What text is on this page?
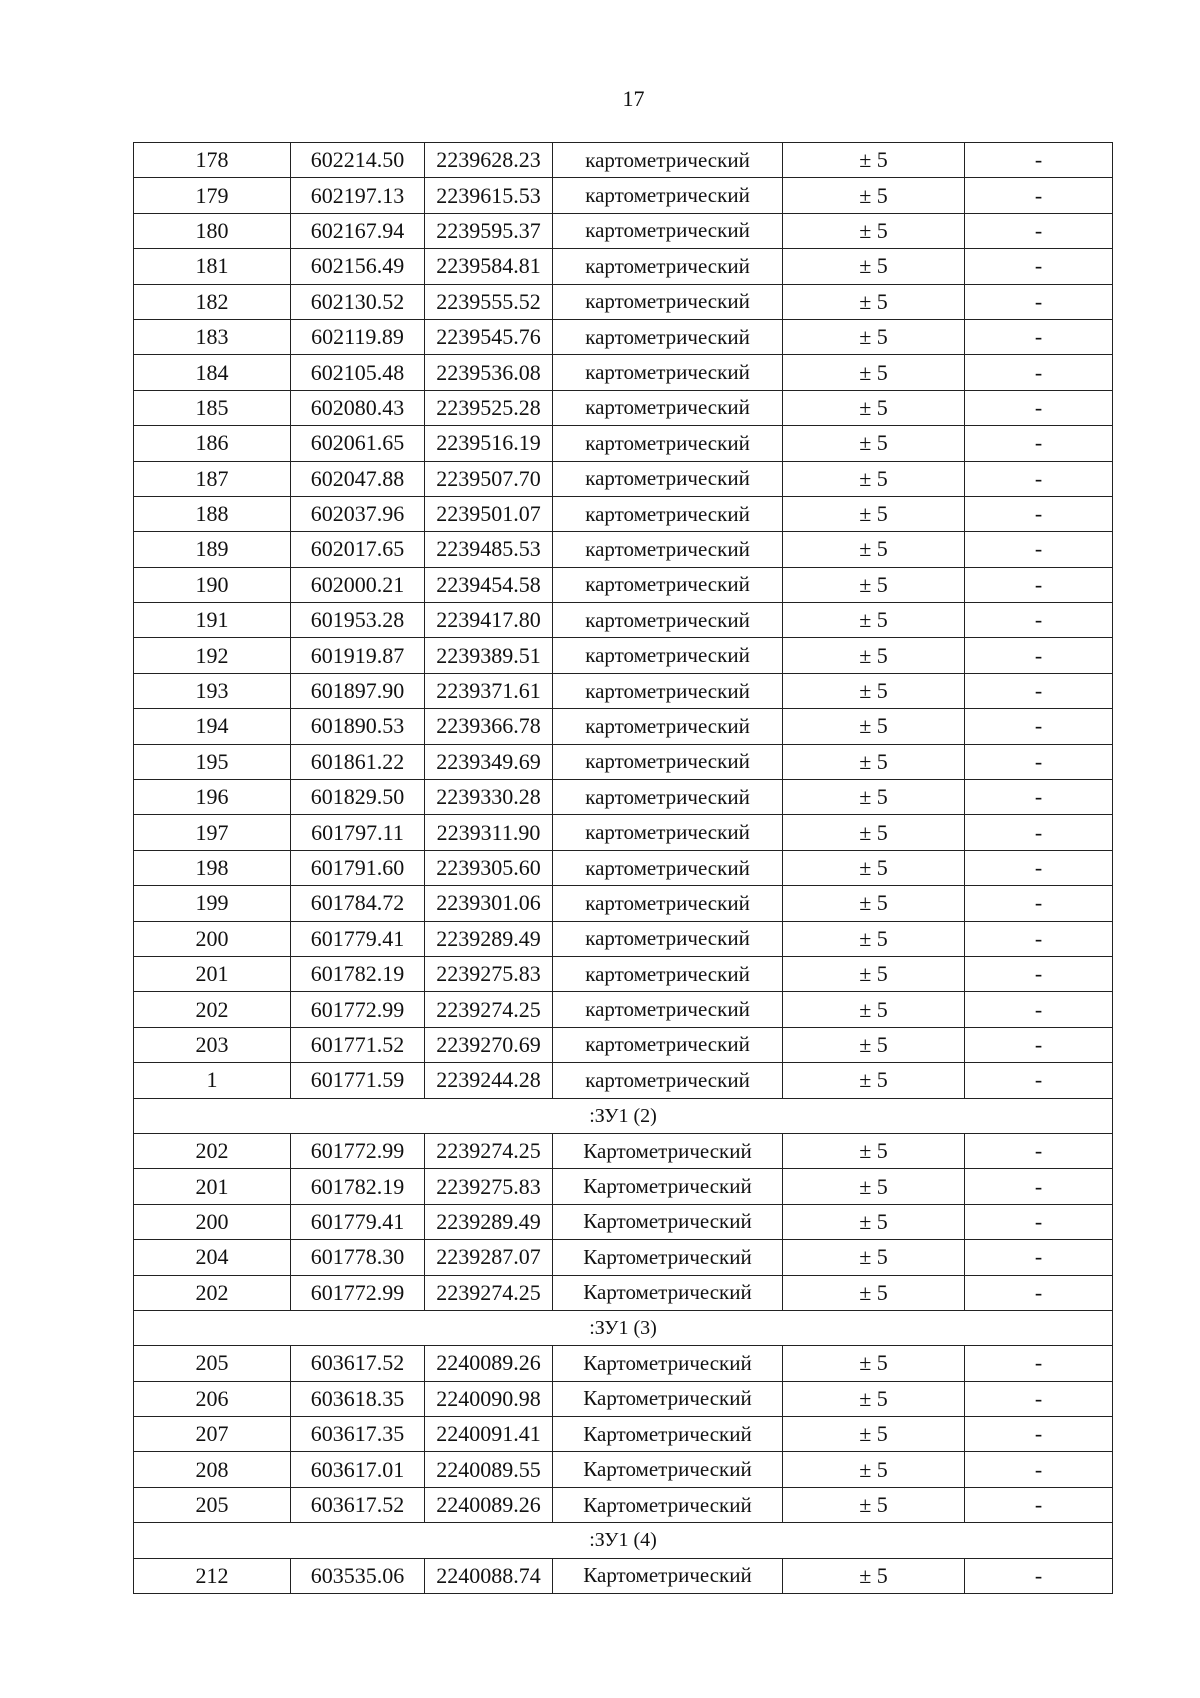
17
178	602214.50	2239628.23	картометрический	± 5	-
179	602197.13	2239615.53	картометрический	± 5	-
180	602167.94	2239595.37	картометрический	± 5	-
181	602156.49	2239584.81	картометрический	± 5	-
182	602130.52	2239555.52	картометрический	± 5	-
183	602119.89	2239545.76	картометрический	± 5	-
184	602105.48	2239536.08	картометрический	± 5	-
185	602080.43	2239525.28	картометрический	± 5	-
186	602061.65	2239516.19	картометрический	± 5	-
187	602047.88	2239507.70	картометрический	± 5	-
188	602037.96	2239501.07	картометрический	± 5	-
189	602017.65	2239485.53	картометрический	± 5	-
190	602000.21	2239454.58	картометрический	± 5	-
191	601953.28	2239417.80	картометрический	± 5	-
192	601919.87	2239389.51	картометрический	± 5	-
193	601897.90	2239371.61	картометрический	± 5	-
194	601890.53	2239366.78	картометрический	± 5	-
195	601861.22	2239349.69	картометрический	± 5	-
196	601829.50	2239330.28	картометрический	± 5	-
197	601797.11	2239311.90	картометрический	± 5	-
198	601791.60	2239305.60	картометрический	± 5	-
199	601784.72	2239301.06	картометрический	± 5	-
200	601779.41	2239289.49	картометрический	± 5	-
201	601782.19	2239275.83	картометрический	± 5	-
202	601772.99	2239274.25	картометрический	± 5	-
203	601771.52	2239270.69	картометрический	± 5	-
1	601771.59	2239244.28	картометрический	± 5	-
:ЗУ1 (2)					
202	601772.99	2239274.25	Картометрический	± 5	-
201	601782.19	2239275.83	Картометрический	± 5	-
200	601779.41	2239289.49	Картометрический	± 5	-
204	601778.30	2239287.07	Картометрический	± 5	-
202	601772.99	2239274.25	Картометрический	± 5	-
:ЗУ1 (3)					
205	603617.52	2240089.26	Картометрический	± 5	-
206	603618.35	2240090.98	Картометрический	± 5	-
207	603617.35	2240091.41	Картометрический	± 5	-
208	603617.01	2240089.55	Картометрический	± 5	-
205	603617.52	2240089.26	Картометрический	± 5	-
:ЗУ1 (4)					
212	603535.06	2240088.74	Картометрический	± 5	-
